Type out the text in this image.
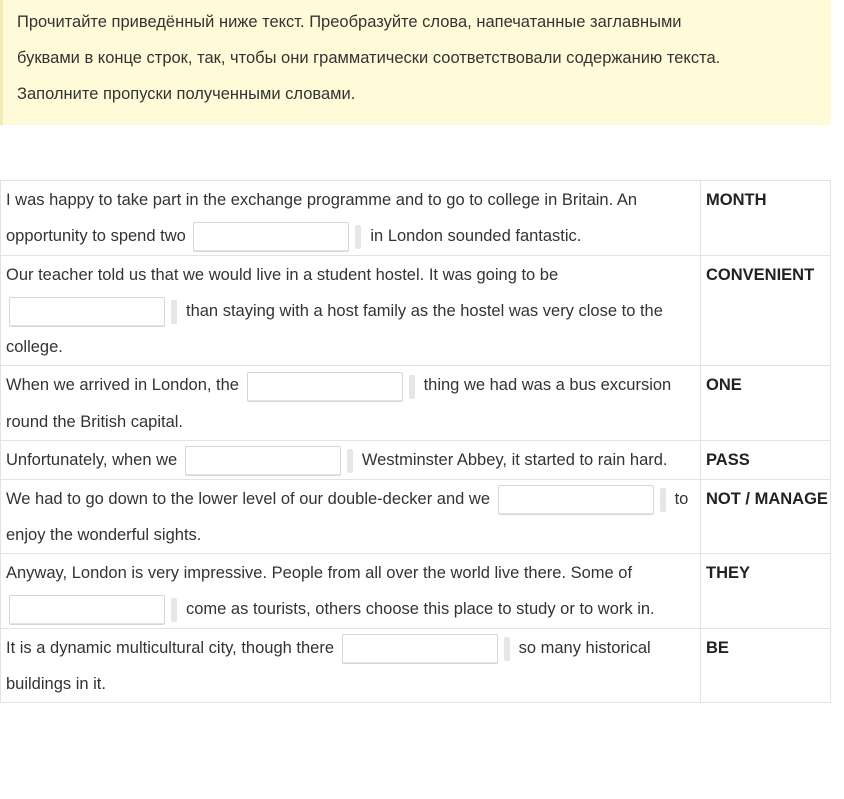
Прочитайте приведённый ниже текст. Преобразуйте слова, напечатанные заглавными

буквами в конце строк, так, чтобы они грамматически соответствовали содержанию текста.

Заполните пропуски полученными словами.

I was happy to take part in the exchange programme and to go to college in Britain. An opportunity to spend two in London sounded fantastic.	MONTH
Our teacher told us that we would live in a student hostel. It was going to be than staying with a host family as the hostel was very close to the college.	CONVENIENT
When we arrived in London, the thing we had was a bus excursion round the British capital.	ONE
Unfortunately, when we Westminster Abbey, it started to rain hard.	PASS
We had to go down to the lower level of our double-decker and we to enjoy the wonderful sights.	NOT / MANAGE
Anyway, London is very impressive. People from all over the world live there. Some of come as tourists, others choose this place to study or to work in.	THEY
It is a dynamic multicultural city, though there so many historical buildings in it.	BE
